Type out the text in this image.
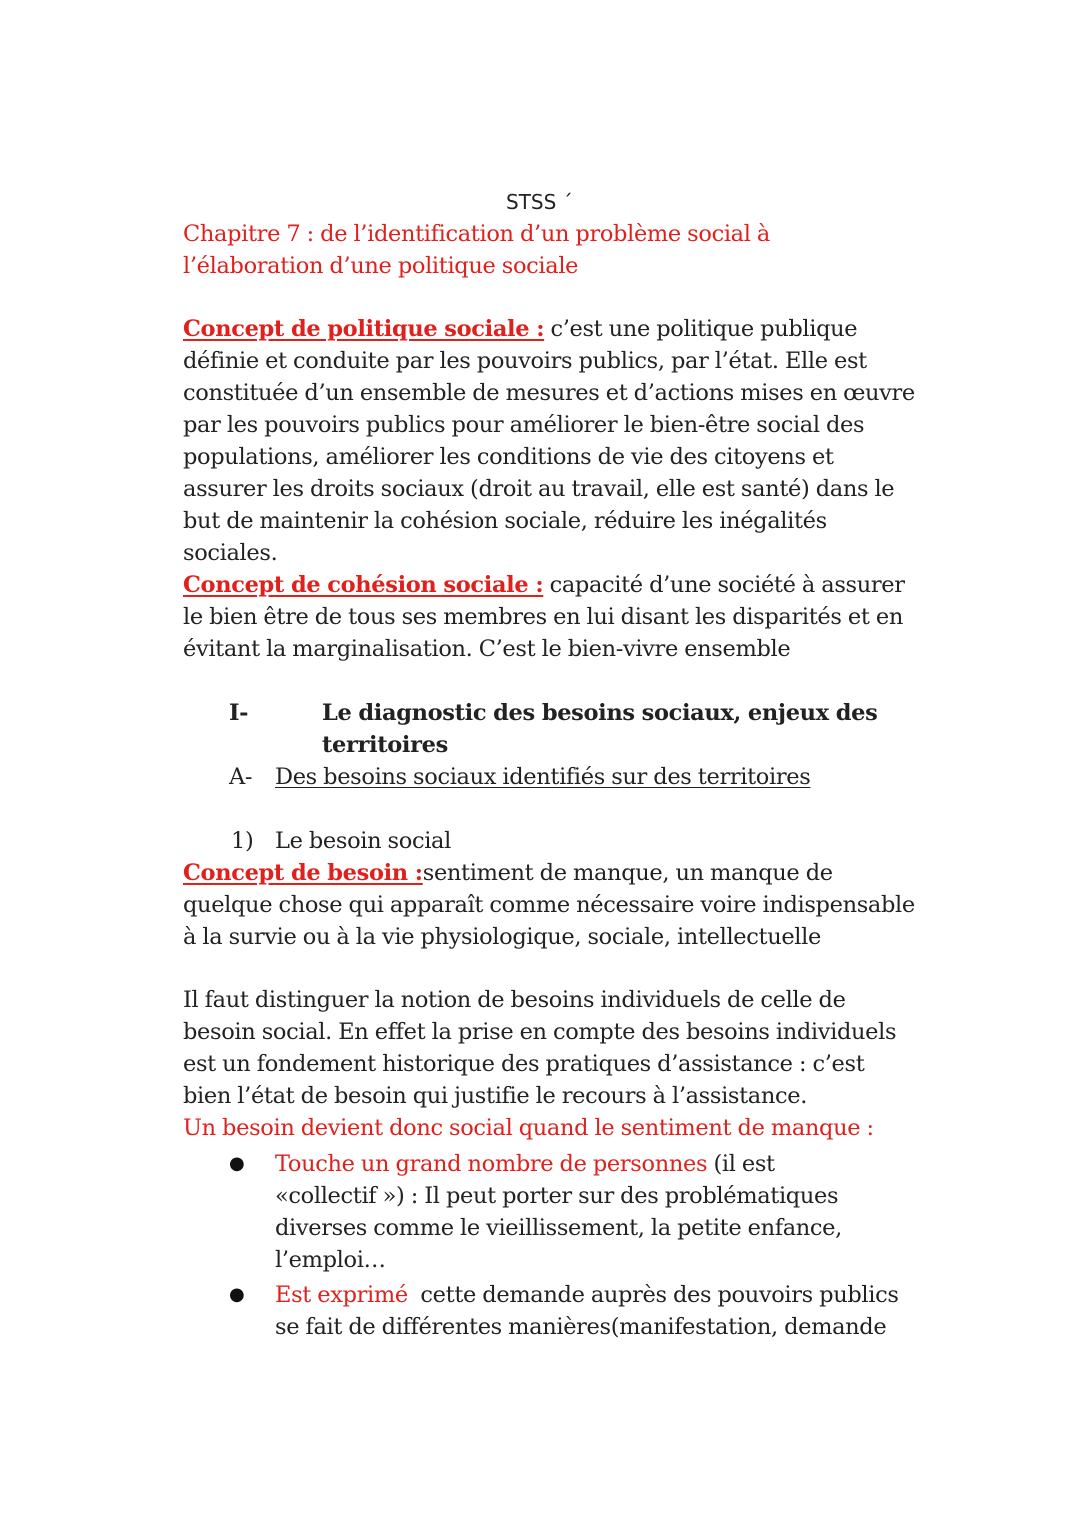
STSS ´
Chapitre 7 : de l’identification d’un problème social à
l’élaboration d’une politique sociale
Concept de politique sociale : c’est une politique publique
définie et conduite par les pouvoirs publics, par l’état. Elle est
constituée d’un ensemble de mesures et d’actions mises en œuvre
par les pouvoirs publics pour améliorer le bien-être social des
populations, améliorer les conditions de vie des citoyens et
assurer les droits sociaux (droit au travail, elle est santé) dans le
but de maintenir la cohésion sociale, réduire les inégalités
sociales.
Concept de cohésion sociale : capacité d’une société à assurer
le bien être de tous ses membres en lui disant les disparités et en
évitant la marginalisation. C’est le bien-vivre ensemble
I-	Le diagnostic des besoins sociaux, enjeux des
territoires
A- Des besoins sociaux identifiés sur des territoires
1) Le besoin social
Concept de besoin :sentiment de manque, un manque de
quelque chose qui apparaît comme nécessaire voire indispensable
à la survie ou à la vie physiologique, sociale, intellectuelle
Il faut distinguer la notion de besoins individuels de celle de
besoin social. En effet la prise en compte des besoins individuels
est un fondement historique des pratiques d’assistance : c’est
bien l’état de besoin qui justifie le recours à l’assistance.
Un besoin devient donc social quand le sentiment de manque :
● Touche un grand nombre de personnes (il est
«collectif ») : Il peut porter sur des problématiques
diverses comme le vieillissement, la petite enfance,
l’emploi…
● Est exprimé  cette demande auprès des pouvoirs publics
se fait de différentes manières(manifestation, demande
